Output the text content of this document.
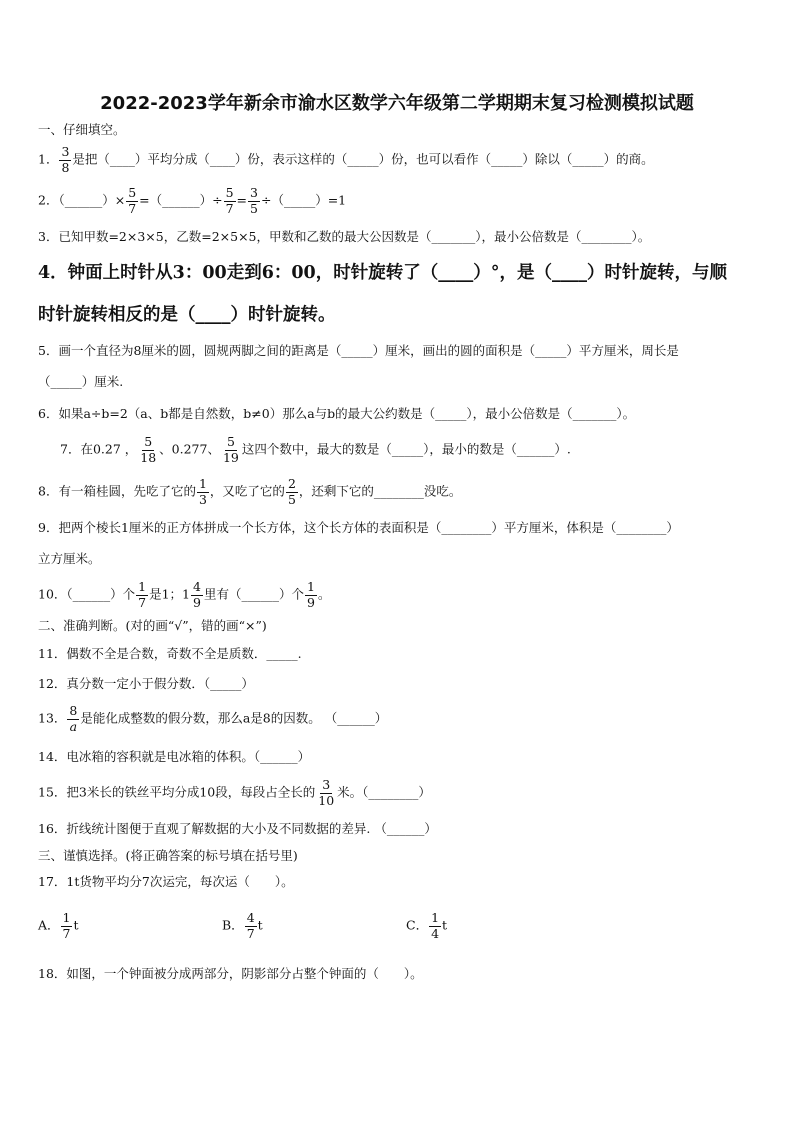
2022-2023学年新余市渝水区数学六年级第二学期期末复习检测模拟试题
一、仔细填空。
1． $\frac{3}{8}$ 是把（____）平均分成（____）份，表示这样的（_____）份，也可以看作（_____）除以（_____）的商。
2．（______）× $\frac{5}{7}$ =（______）÷ $\frac{5}{7} = \frac{3}{5}$ ÷（_____）=1
3．已知甲数=2×3×5，乙数=2×5×5，甲数和乙数的最大公因数是（_______），最小公倍数是（________）。
4．钟面上时针从3：00走到6：00，时针旋转了（____）°，是（____）时针旋转，与顺
时针旋转相反的是（____）时针旋转。
5．画一个直径为8厘米的圆，圆规两脚之间的距离是（_____）厘米，画出的圆的面积是（_____）平方厘米，周长是
（_____）厘米.
6．如果a÷b=2（a、b都是自然数，b≠0）那么a与b的最大公约数是（_____），最小公倍数是（_______）。
7．在0.27 ， $\frac{5}{18}$ 、0.277、 $\frac{5}{19}$ 这四个数中，最大的数是（_____），最小的数是（______）.
8．有一箱桂圆，先吃了它的 $\frac{1}{3}$ ，又吃了它的 $\frac{2}{5}$ ，还剩下它的________没吃。
9．把两个棱长1厘米的正方体拼成一个长方体，这个长方体的表面积是（________）平方厘米，体积是（________）
立方厘米。
10．（______）个 $\frac{1}{7}$ 是1；$1 \frac{4}{9}$ 里有（______）个 $\frac{1}{9}$ 。
二、准确判断。(对的画“√”，错的画“×”)
11．偶数不全是合数，奇数不全是质数．_____.
12．真分数一定小于假分数．（_____）
13． $\frac{8}{a}$ 是能化成整数的假分数，那么a是8的因数。 （______）
14．电冰箱的容积就是电冰箱的体积。（______）
15．把3米长的铁丝平均分成10段，每段占全长的 $\frac{3}{10}$ 米。（________）
16．折线统计图便于直观了解数据的大小及不同数据的差异. （______）
三、谨慎选择。(将正确答案的标号填在括号里)
17．1t货物平均分7次运完，每次运（　　）。
A． $\frac{1}{7}$ t	B． $\frac{4}{7}$ t	C． $\frac{1}{4}$ t
18．如图，一个钟面被分成两部分，阴影部分占整个钟面的（　　）。
